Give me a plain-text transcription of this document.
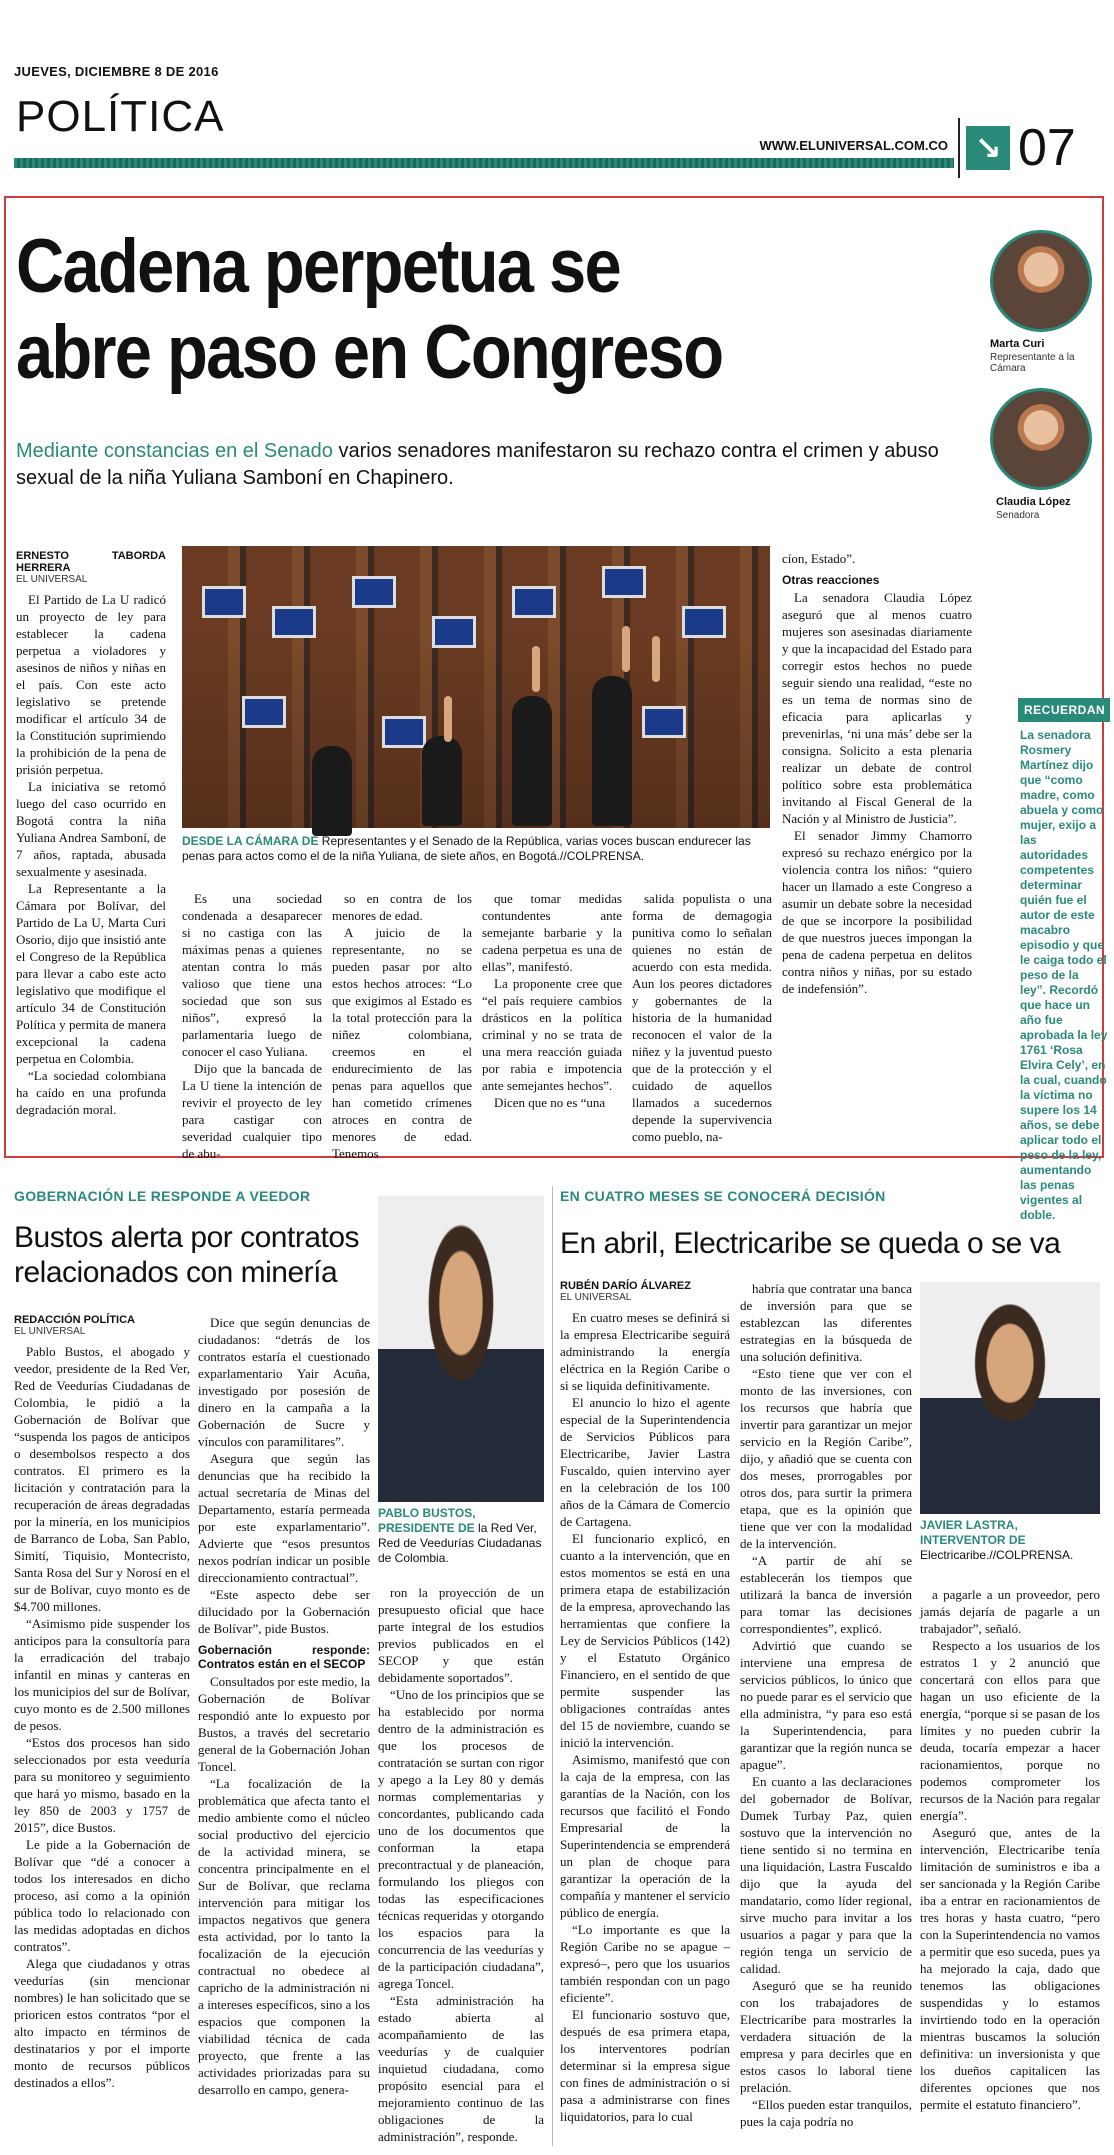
JUEVES, DICIEMBRE 8 DE 2016
POLÍTICA
WWW.ELUNIVERSAL.COM.CO ↘ 07
Cadena perpetua se
abre paso en Congreso
Mediante constancias en el Senado varios senadores manifestaron su rechazo contra el crimen y abuso sexual de la niña Yuliana Samboní en Chapinero.
Marta Curi
Representante a la Cámara
Claudia López
Senadora
ERNESTO TABORDA HERRERA
EL UNIVERSAL

El Partido de La U radicó un proyecto de ley para establecer la cadena perpetua a violadores y asesinos de niños y niñas en el país. Con este acto legislativo se pretende modificar el artículo 34 de la Constitución suprimiendo la prohibición de la pena de prisión perpetua.

La iniciativa se retomó luego del caso ocurrido en Bogotá contra la niña Yuliana Andrea Samboní, de 7 años, raptada, abusada sexualmente y asesinada.

La Representante a la Cámara por Bolívar, del Partido de La U, Marta Curi Osorio, dijo que insistió ante el Congreso de la República para llevar a cabo este acto legislativo que modifique el artículo 34 de Constitución Política y permita de manera excepcional la cadena perpetua en Colombia.

“La sociedad colombiana ha caído en una profunda degradación moral.

DESDE LA CÁMARA DE Representantes y el Senado de la República, varias voces buscan endurecer las penas para actos como el de la niña Yuliana, de siete años, en Bogotá.//COLPRENSA.

Es una sociedad condenada a desaparecer si no castiga con las máximas penas a quienes atentan contra lo más valioso que tiene una sociedad que son sus niños”, expresó la parlamentaria luego de conocer el caso Yuliana.

Dijo que la bancada de La U tiene la intención de revivir el proyecto de ley para castigar con severidad cualquier tipo de abu-

so en contra de los menores de edad.

A juicio de la representante, no se pueden pasar por alto estos hechos atroces: “Lo que exigimos al Estado es la total protección para la niñez colombiana, creemos en el endurecimiento de las penas para aquellos que han cometido crímenes atroces en contra de menores de edad. Tenemos

que tomar medidas contundentes ante semejante barbarie y la cadena perpetua es una de ellas”, manifestó.

La proponente cree que “el país requiere cambios drásticos en la política criminal y no se trata de una mera reacción guiada por rabia e impotencia ante semejantes hechos”.

Dicen que no es “una

salida populista o una forma de demagogia punitiva como lo señalan quienes no están de acuerdo con esta medida. Aun los peores dictadores y gobernantes de la historia de la humanidad reconocen el valor de la niñez y la juventud puesto que de la protección y el cuidado de aquellos llamados a sucedernos depende la supervivencia como pueblo, na-

cíon, Estado”.
Otras reacciones

La senadora Claudia López aseguró que al menos cuatro mujeres son asesinadas diariamente y que la incapacidad del Estado para corregir estos hechos no puede seguir siendo una realidad, “este no es un tema de normas sino de eficacia para aplicarlas y prevenirlas, ‘ni una más’ debe ser la consigna. Solicito a esta plenaria realizar un debate de control político sobre esta problemática invitando al Fiscal General de la Nación y al Ministro de Justicia”.

El senador Jimmy Chamorro expresó su rechazo enérgico por la violencia contra los niños: “quiero hacer un llamado a este Congreso a asumir un debate sobre la necesidad de que se incorpore la posibilidad de que nuestros jueces impongan la pena de cadena perpetua en delitos contra niños y niñas, por su estado de indefensión”.

RECUERDAN
La senadora Rosmery Martínez dijo que “como madre, como abuela y como mujer, exijo a las autoridades competentes determinar quién fue el autor de este macabro episodio y que le caiga todo el peso de la ley”. Recordó que hace un año fue aprobada la ley 1761 ‘Rosa Elvira Cely’, en la cual, cuando la víctima no supere los 14 años, se debe aplicar todo el peso de la ley, aumentando las penas vigentes al doble.
GOBERNACIÓN LE RESPONDE A VEEDOR
Bustos alerta por contratos
relacionados con minería
REDACCIÓN POLÍTICA
EL UNIVERSAL

Pablo Bustos, el abogado y veedor, presidente de la Red Ver, Red de Veedurías Ciudadanas de Colombia, le pidió a la Gobernación de Bolívar que “suspenda los pagos de anticipos o desembolsos respecto a dos contratos. El primero es la licitación y contratación para la recuperación de áreas degradadas por la minería, en los municipios de Barranco de Loba, San Pablo, Simití, Tiquisio, Montecristo, Santa Rosa del Sur y Norosí en el sur de Bolívar, cuyo monto es de $4.700 millones.

“Asimismo pide suspender los anticipos para la consultoría para la erradicación del trabajo infantil en minas y canteras en los municipios del sur de Bolívar, cuyo monto es de 2.500 millones de pesos.

“Estos dos procesos han sido seleccionados por esta veeduría para su monitoreo y seguimiento que hará yo mismo, basado en la ley 850 de 2003 y 1757 de 2015”, dice Bustos.

Le pide a la Gobernación de Bolívar que “dé a conocer a todos los interesados en dicho proceso, así como a la opinión pública todo lo relacionado con las medidas adoptadas en dichos contratos”.

Alega que ciudadanos y otras veedurías (sin mencionar nombres) le han solicitado que se prioricen estos contratos “por el alto impacto en términos de destinatarios y por el importe monto de recursos públicos destinados a ellos”.

Dice que según denuncias de ciudadanos: “detrás de los contratos estaría el cuestionado exparlamentario Yair Acuña, investigado por posesión de dinero en la campaña a la Gobernación de Sucre y vínculos con paramilitares”.

Asegura que según las denuncias que ha recibido la actual secretaría de Minas del Departamento, estaría permeada por este exparlamentario”. Advierte que “esos presuntos nexos podrían indicar un posible direccionamiento contractual”.

“Este aspecto debe ser dilucidado por la Gobernación de Bolívar”, pide Bustos.

Gobernación responde: Contratos están en el SECOP

Consultados por este medio, la Gobernación de Bolívar respondió ante lo expuesto por Bustos, a través del secretario general de la Gobernación Johan Toncel.

“La focalización de la problemática que afecta tanto el medio ambiente como el núcleo social productivo del ejercicio de la actividad minera, se concentra principalmente en el Sur de Bolívar, que reclama intervención para mitigar los impactos negativos que genera esta actividad, por lo tanto la focalización de la ejecución contractual no obedece al capricho de la administración ni a intereses específicos, sino a los espacios que componen la viabilidad técnica de cada proyecto, que frente a las actividades priorizadas para su desarrollo en campo, genera-

PABLO BUSTOS, PRESIDENTE DE la Red Ver, Red de Veedurías Ciudadanas de Colombia.

ron la proyección de un presupuesto oficial que hace parte integral de los estudios previos publicados en el SECOP y que están debidamente soportados”.

“Uno de los principios que se ha establecido por norma dentro de la administración es que los procesos de contratación se surtan con rigor y apego a la Ley 80 y demás normas complementarias y concordantes, publicando cada uno de los documentos que conforman la etapa precontractual y de planeación, formulando los pliegos con todas las especificaciones técnicas requeridas y otorgando los espacios para la concurrencia de las veedurías y de la participación ciudadana”, agrega Toncel.

“Esta administración ha estado abierta al acompañamiento de las veedurías y de cualquier inquietud ciudadana, como propósito esencial para el mejoramiento continuo de las obligaciones de la administración”, responde.

EN CUATRO MESES SE CONOCERÁ DECISIÓN
En abril, Electricaribe se queda o se va
RUBÉN DARÍO ÁLVAREZ
EL UNIVERSAL

En cuatro meses se definirá si la empresa Electricaribe seguirá administrando la energía eléctrica en la Región Caribe o si se liquida definitivamente.

El anuncio lo hizo el agente especial de la Superintendencia de Servicios Públicos para Electricaribe, Javier Lastra Fuscaldo, quien intervino ayer en la celebración de los 100 años de la Cámara de Comercio de Cartagena.

El funcionario explicó, en cuanto a la intervención, que en estos momentos se está en una primera etapa de estabilización de la empresa, aprovechando las herramientas que confiere la Ley de Servicios Públicos (142) y el Estatuto Orgánico Financiero, en el sentido de que permite suspender las obligaciones contraídas antes del 15 de noviembre, cuando se inició la intervención.

Asimismo, manifestó que con la caja de la empresa, con las garantías de la Nación, con los recursos que facilitó el Fondo Empresarial de la Superintendencia se emprenderá un plan de choque para garantizar la operación de la compañía y mantener el servicio público de energía.

“Lo importante es que la Región Caribe no se apague –expresó–, pero que los usuarios también respondan con un pago eficiente”.

El funcionario sostuvo que, después de esa primera etapa, los interventores podrían determinar si la empresa sigue con fines de administración o si pasa a administrarse con fines liquidatorios, para lo cual

habría que contratar una banca de inversión para que se establezcan las diferentes estrategias en la búsqueda de una solución definitiva.

“Esto tiene que ver con el monto de las inversiones, con los recursos que habría que invertir para garantizar un mejor servicio en la Región Caribe”, dijo, y añadió que se cuenta con dos meses, prorrogables por otros dos, para surtir la primera etapa, que es la opinión que tiene que ver con la modalidad de la intervención.

“A partir de ahí se establecerán los tiempos que utilizará la banca de inversión para tomar las decisiones correspondientes”, explicó.

Advirtió que cuando se interviene una empresa de servicios públicos, lo único que no puede parar es el servicio que ella administra, “y para eso está la Superintendencia, para garantizar que la región nunca se apague”.

En cuanto a las declaraciones del gobernador de Bolívar, Dumek Turbay Paz, quien sostuvo que la intervención no tiene sentido si no termina en una liquidación, Lastra Fuscaldo dijo que la ayuda del mandatario, como líder regional, sirve mucho para invitar a los usuarios a pagar y para que la región tenga un servicio de calidad.

Aseguró que se ha reunido con los trabajadores de Electricaribe para mostrarles la verdadera situación de la empresa y para decirles que en estos casos lo laboral tiene prelación.

“Ellos pueden estar tranquilos, pues la caja podría no

JAVIER LASTRA, INTERVENTOR DE Electricaribe.//COLPRENSA.

a pagarle a un proveedor, pero jamás dejaría de pagarle a un trabajador”, señaló.

Respecto a los usuarios de los estratos 1 y 2 anunció que concertará con ellos para que hagan un uso eficiente de la energía, “porque si se pasan de los límites y no pueden cubrir la deuda, tocaría empezar a hacer racionamientos, porque no podemos comprometer los recursos de la Nación para regalar energía”.

Aseguró que, antes de la intervención, Electricaribe tenía limitación de suministros e iba a ser sancionada y la Región Caribe iba a entrar en racionamientos de tres horas y hasta cuatro, “pero con la Superintendencia no vamos a permitir que eso suceda, pues ya ha mejorado la caja, dado que tenemos las obligaciones suspendidas y lo estamos invirtiendo todo en la operación mientras buscamos la solución definitiva: un inversionista y que los dueños capitalicen las diferentes opciones que nos permite el estatuto financiero”.
